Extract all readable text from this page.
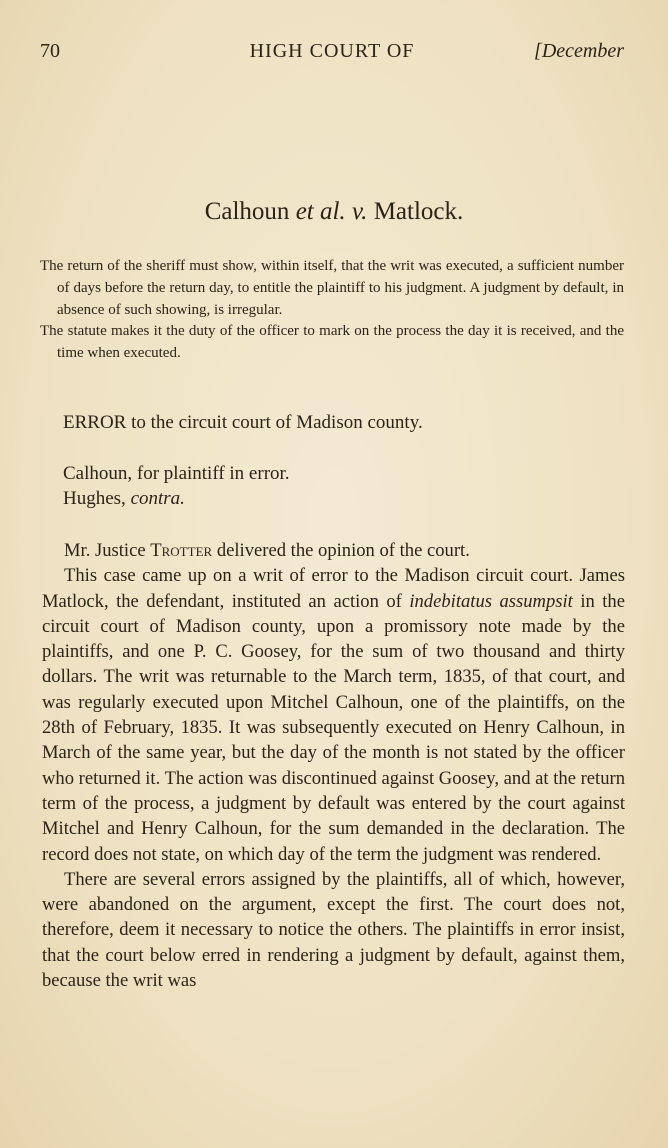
70	HIGH COURT OF	[December
Calhoun et al. v. Matlock.

The return of the sheriff must show, within itself, that the writ was executed, a sufficient number of days before the return day, to entitle the plaintiff to his judgment. A judgment by default, in absence of such showing, is irregular.

The statute makes it the duty of the officer to mark on the process the day it is received, and the time when executed.

ERROR to the circuit court of Madison county.
Calhoun, for plaintiff in error.
Hughes, contra.

Mr. Justice Trotter delivered the opinion of the court.

This case came up on a writ of error to the Madison circuit court. James Matlock, the defendant, instituted an action of indebitatus assumpsit in the circuit court of Madison county, upon a promissory note made by the plaintiffs, and one P. C. Goosey, for the sum of two thousand and thirty dollars. The writ was returnable to the March term, 1835, of that court, and was regularly executed upon Mitchel Calhoun, one of the plaintiffs, on the 28th of February, 1835. It was subsequently executed on Henry Calhoun, in March of the same year, but the day of the month is not stated by the officer who returned it. The action was discontinued against Goosey, and at the return term of the process, a judgment by default was entered by the court against Mitchel and Henry Calhoun, for the sum demanded in the declaration. The record does not state, on which day of the term the judgment was rendered.

There are several errors assigned by the plaintiffs, all of which, however, were abandoned on the argument, except the first. The court does not, therefore, deem it necessary to notice the others. The plaintiffs in error insist, that the court below erred in rendering a judgment by default, against them, because the writ was
